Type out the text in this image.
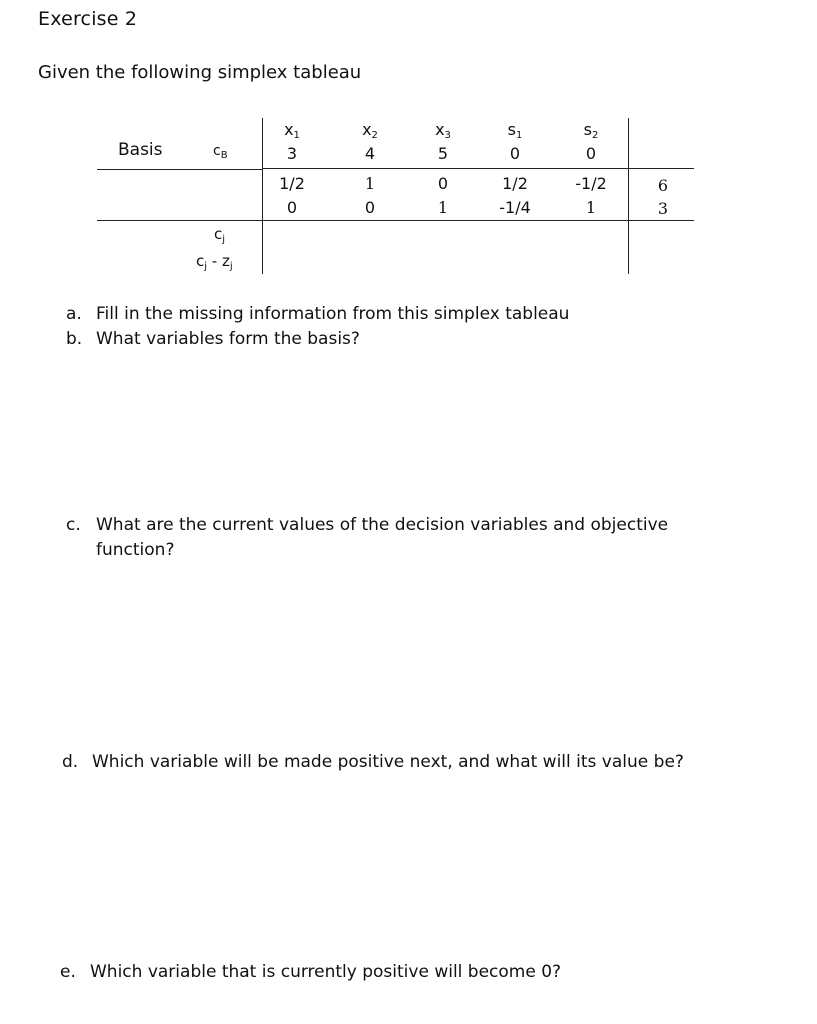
Exercise 2
Given the following simplex tableau
Basis	$c_B$
$c_j$
$c_j - z_j$
$x_1$	$x_2$	$x_3$	$s_1$	$s_2$
3	4	5	0	0
1/2	1	0	1/2	-1/2	6
0	0	1	-1/4	1	3
a. Fill in the missing information from this simplex tableau
b. What variables form the basis?
c. What are the current values of the decision variables and objective function?
d. Which variable will be made positive next, and what will its value be?
e. Which variable that is currently positive will become 0?
